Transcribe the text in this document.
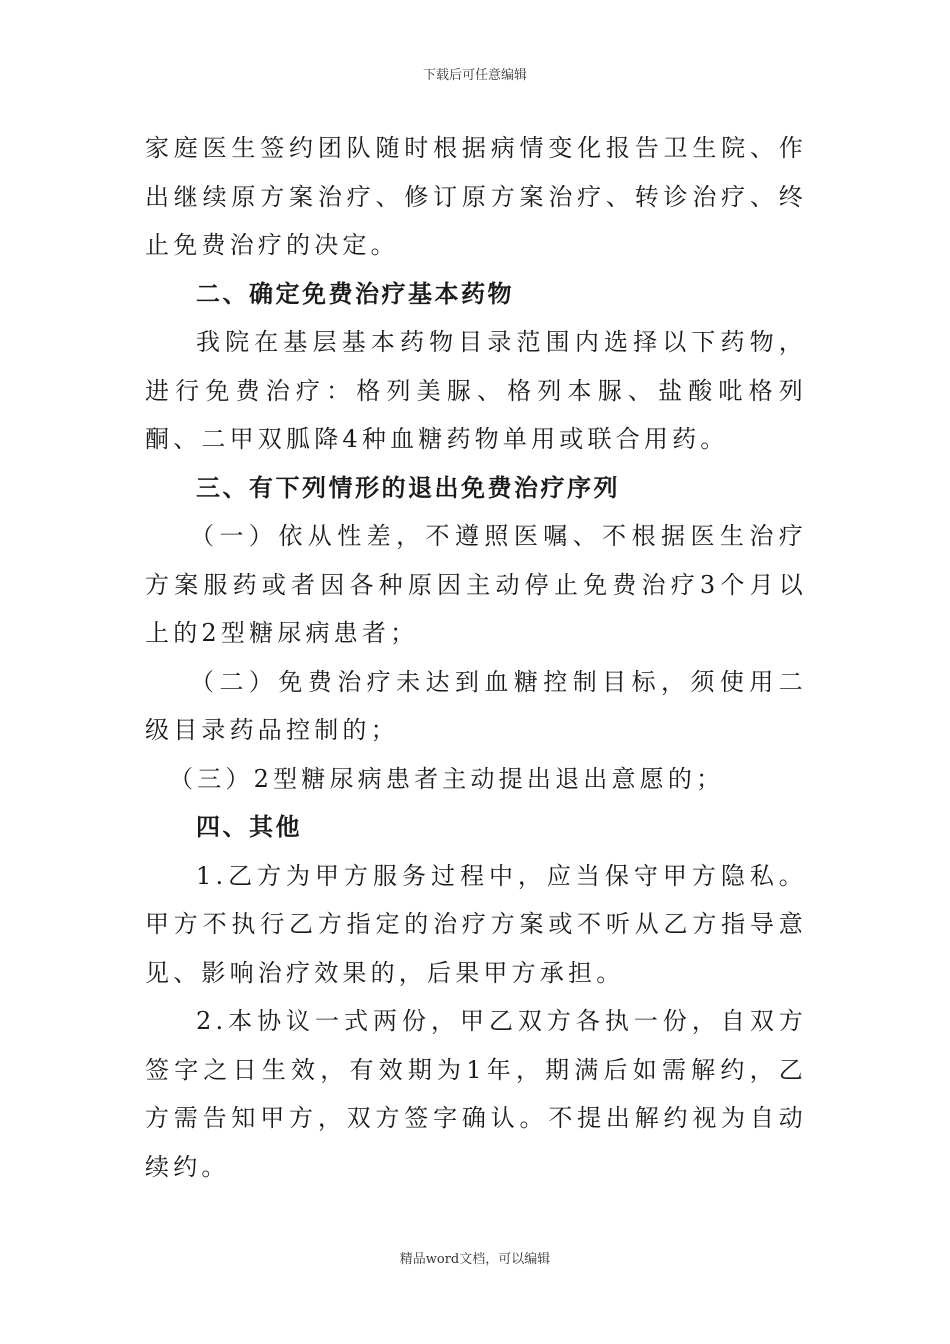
下载后可任意编辑

家庭医生签约团队随时根据病情变化报告卫生院、作出继续原方案治疗、修订原方案治疗、转诊治疗、终止免费治疗的决定。

二、确定免费治疗基本药物

我院在基层基本药物目录范围内选择以下药物，进行免费治疗：格列美脲、格列本脲、盐酸吡格列酮、二甲双胍降4种血糖药物单用或联合用药。

三、有下列情形的退出免费治疗序列

（一）依从性差，不遵照医嘱、不根据医生治疗方案服药或者因各种原因主动停止免费治疗3个月以上的2型糖尿病患者；

（二）免费治疗未达到血糖控制目标，须使用二级目录药品控制的；

（三）2型糖尿病患者主动提出退出意愿的；

四、其他

1.乙方为甲方服务过程中，应当保守甲方隐私。甲方不执行乙方指定的治疗方案或不听从乙方指导意见、影响治疗效果的，后果甲方承担。

2.本协议一式两份，甲乙双方各执一份，自双方签字之日生效，有效期为1年，期满后如需解约，乙方需告知甲方，双方签字确认。不提出解约视为自动续约。

精品word文档，可以编辑
